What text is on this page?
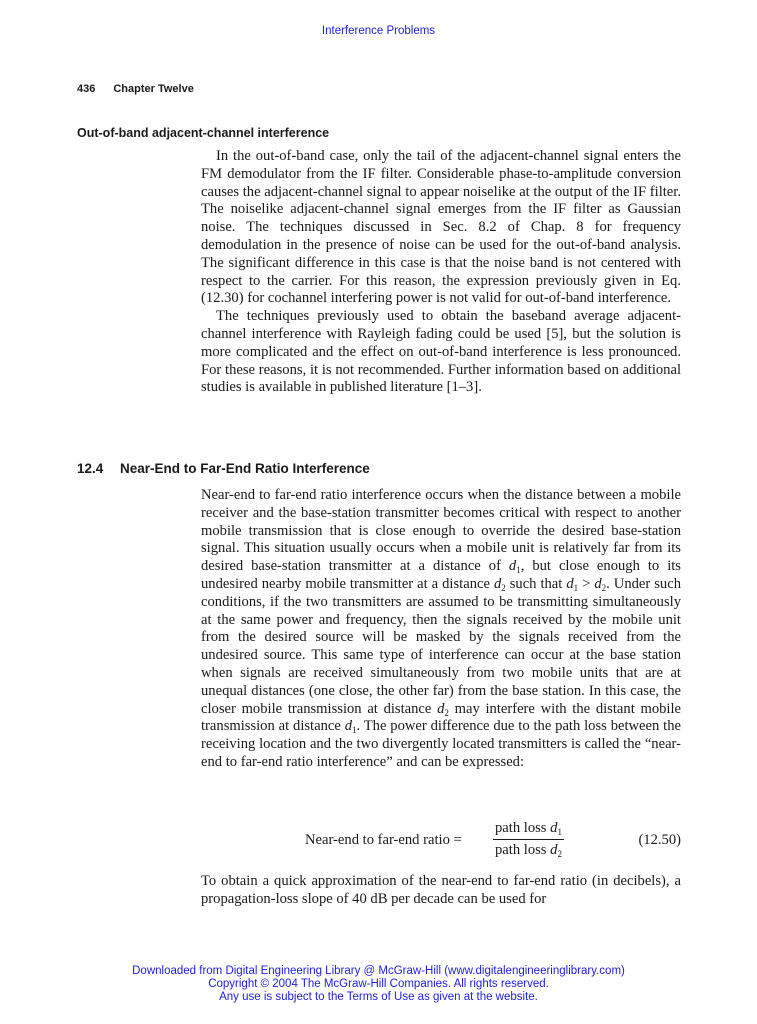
Interference Problems
436 Chapter Twelve
Out-of-band adjacent-channel interference

In the out-of-band case, only the tail of the adjacent-channel signal enters the FM demodulator from the IF filter. Considerable phase-to-amplitude conversion causes the adjacent-channel signal to appear noiselike at the output of the IF filter. The noiselike adjacent-channel signal emerges from the IF filter as Gaussian noise. The techniques discussed in Sec. 8.2 of Chap. 8 for frequency demodulation in the presence of noise can be used for the out-of-band analysis. The significant difference in this case is that the noise band is not centered with respect to the carrier. For this reason, the expression previously given in Eq. (12.30) for cochannel interfering power is not valid for out-of-band interference.

The techniques previously used to obtain the baseband average adjacent-channel interference with Rayleigh fading could be used [5], but the solution is more complicated and the effect on out-of-band interference is less pronounced. For these reasons, it is not recommended. Further information based on additional studies is available in published literature [1–3].

12.4 Near-End to Far-End Ratio Interference

Near-end to far-end ratio interference occurs when the distance between a mobile receiver and the base-station transmitter becomes critical with respect to another mobile transmission that is close enough to override the desired base-station signal. This situation usually occurs when a mobile unit is relatively far from its desired base-station transmitter at a distance of $d_1$, but close enough to its undesired nearby mobile transmitter at a distance $d_2$ such that $d_1 > d_2$. Under such conditions, if the two transmitters are assumed to be transmitting simultaneously at the same power and frequency, then the signals received by the mobile unit from the desired source will be masked by the signals received from the undesired source. This same type of interference can occur at the base station when signals are received simultaneously from two mobile units that are at unequal distances (one close, the other far) from the base station. In this case, the closer mobile transmission at distance $d_2$ may interfere with the distant mobile transmission at distance $d_1$. The power difference due to the path loss between the receiving location and the two divergently located transmitters is called the “near-end to far-end ratio interference” and can be expressed:

Near-end to far-end ratio =
path loss $d_1$
path loss $d_2$
(12.50)

To obtain a quick approximation of the near-end to far-end ratio (in decibels), a propagation-loss slope of 40 dB per decade can be used for

Downloaded from Digital Engineering Library @ McGraw-Hill (www.digitalengineeringlibrary.com)
Copyright © 2004 The McGraw-Hill Companies. All rights reserved.
Any use is subject to the Terms of Use as given at the website.
